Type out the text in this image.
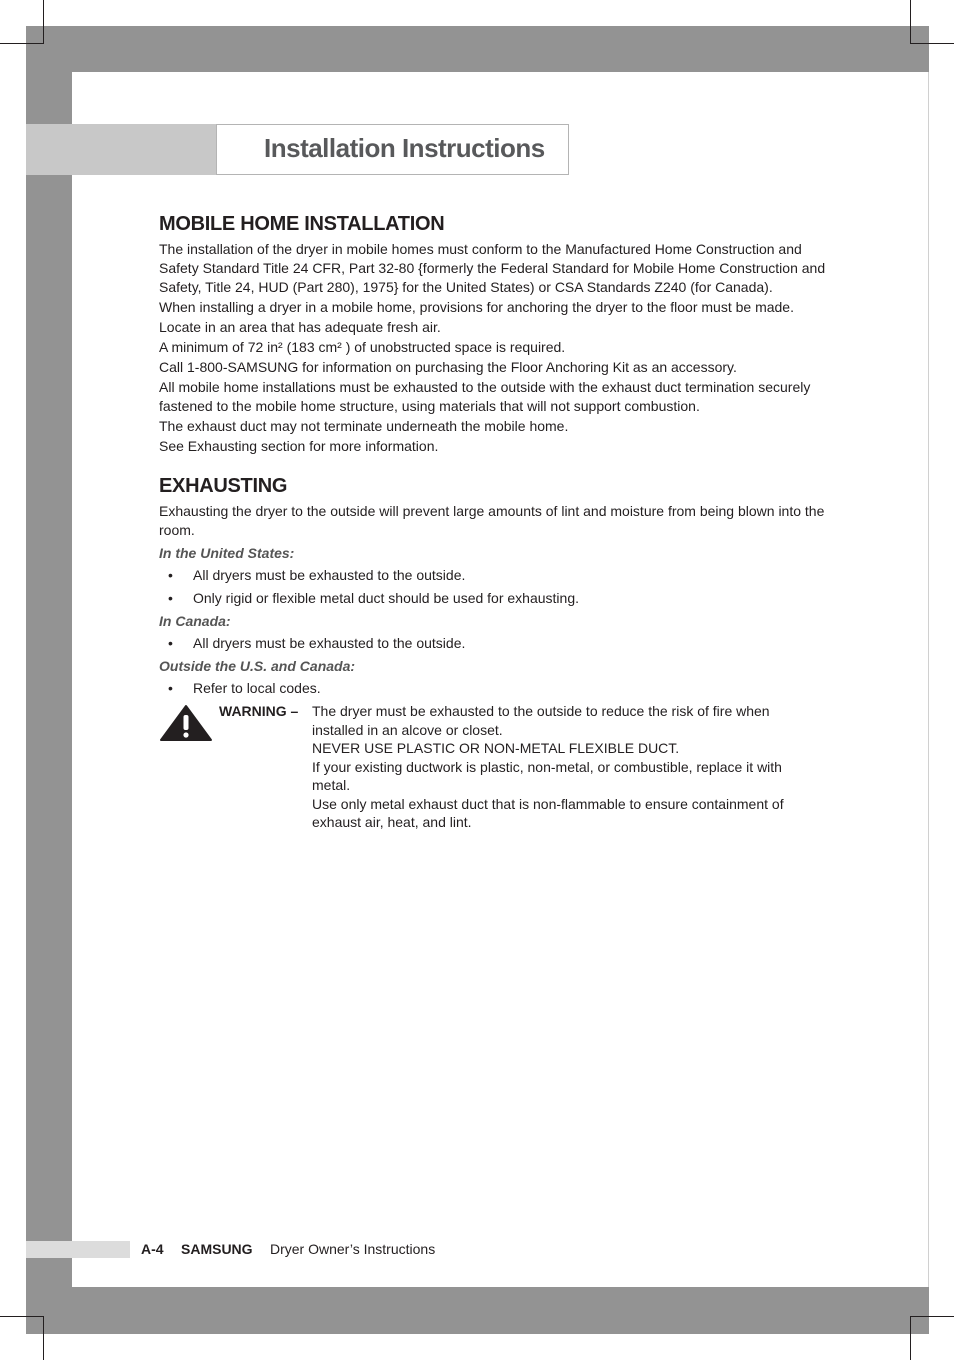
Installation Instructions
MOBILE HOME INSTALLATION

The installation of the dryer in mobile homes must conform to the Manufactured Home Construction and Safety Standard Title 24 CFR, Part 32-80 {formerly the Federal Standard for Mobile Home Construction and Safety, Title 24, HUD (Part 280), 1975} for the United States) or CSA Standards Z240 (for Canada).

When installing a dryer in a mobile home, provisions for anchoring the dryer to the floor must be made.

Locate in an area that has adequate fresh air.

A minimum of 72 in² (183 cm² ) of unobstructed space is required.

Call 1-800-SAMSUNG for information on purchasing the Floor Anchoring Kit as an accessory.

All mobile home installations must be exhausted to the outside with the exhaust duct termination securely fastened to the mobile home structure, using materials that will not support combustion.

The exhaust duct may not terminate underneath the mobile home.

See Exhausting section for more information.

EXHAUSTING

Exhausting the dryer to the outside will prevent large amounts of lint and moisture from being blown into the room.

In the United States:

• All dryers must be exhausted to the outside.
• Only rigid or flexible metal duct should be used for exhausting.

In Canada:

• All dryers must be exhausted to the outside.

Outside the U.S. and Canada:

• Refer to local codes.
WARNING – The dryer must be exhausted to the outside to reduce the risk of fire when installed in an alcove or closet.
NEVER USE PLASTIC OR NON-METAL FLEXIBLE DUCT.
If your existing ductwork is plastic, non-metal, or combustible, replace it with metal.
Use only metal exhaust duct that is non-flammable to ensure containment of exhaust air, heat, and lint.
A-4 SAMSUNG Dryer Owner’s Instructions
